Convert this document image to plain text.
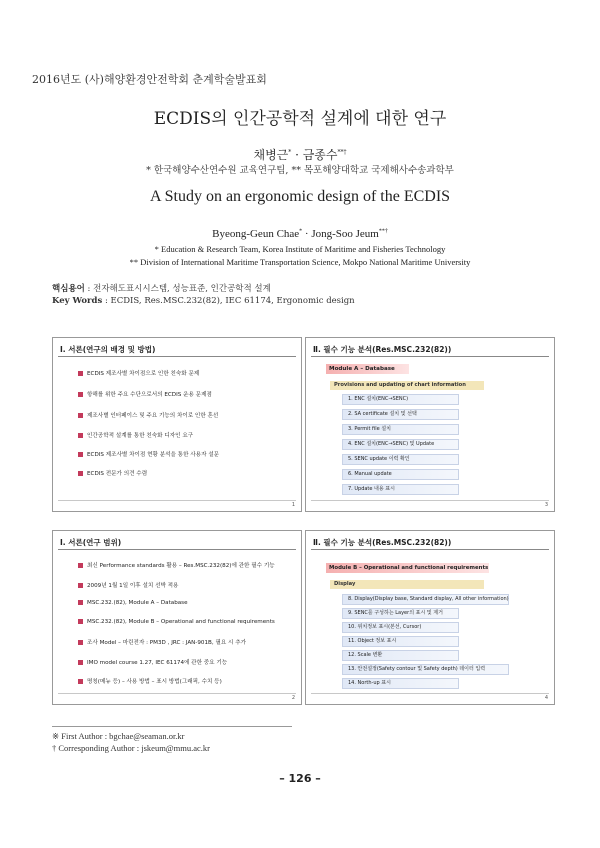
2016년도 (사)해양환경안전학회 춘계학술발표회
ECDIS의 인간공학적 설계에 대한 연구
채병근* · 금종수**†
* 한국해양수산연수원 교육연구팀, ** 목포해양대학교 국제해사수송과학부
A Study on an ergonomic design of the ECDIS
Byeong-Geun Chae* · Jong-Soo Jeum**†
* Education & Research Team, Korea Institute of Maritime and Fisheries Technology
** Division of International Maritime Transportation Science, Mokpo National Maritime University
핵심용어 : 전자해도표시시스템, 성능표준, 인간공학적 설계
Key Words : ECDIS, Res.MSC.232(82), IEC 61174, Ergonomic design
Ⅰ. 서론(연구의 배경 및 방법)
ECDIS 제조사별 차이점으로 인한 친숙화 문제
항해를 위한 주요 수단으로서의 ECDIS 운용 문제점
제조사별 인터페이스 및 주요 기능의 차이로 인한 혼선
인간공학적 설계를 통한 친숙화 디자인 요구
ECDIS 제조사별 차이점 현황 분석을 통한 사용자 설문
ECDIS 전문가 의견 수렴
1
Ⅱ. 필수 기능 분석(Res.MSC.232(82))
Module A – Database
Provisions and updating of chart information
1. ENC 설치(ENC→SENC)
2. SA certificate 설치 및 선택
3. Permit file 설치
4. ENC 설치(ENC→SENC) 및 Update
5. SENC update 이력 확인
6. Manual update
7. Update 내용 표시
3
Ⅰ. 서론(연구 범위)
최신 Performance standards 활용 – Res.MSC.232(82)에 관한 필수 기능
2009년 1월 1일 이후 설치 선박 적용
MSC.232.(82), Module A – Database
MSC.232.(82), Module B – Operational and functional requirements
조사 Model – 마린전자 : PM3D , JRC : JAN-901B, 필요 시 추가
IMO model course 1.27, IEC 61174에 관한 중요 기능
명칭(메뉴 등) – 사용 방법 – 표시 방법(그래픽, 수치 등)
2
Ⅱ. 필수 기능 분석(Res.MSC.232(82))
Module B – Operational and functional requirements
Display
8. Display(Display base, Standard display, All other information)
9. SENC를 구성하는 Layer의 표시 및 제거
10. 위치정보 표시(본선, Cursor)
11. Object 정보 표시
12. Scale 변환
13. 안전설정(Safety contour 및 Safety depth) 데이터 입력
14. North-up 표시
4
※ First Author : bgchae@seaman.or.kr
† Corresponding Author : jskeum@mmu.ac.kr
– 126 –
